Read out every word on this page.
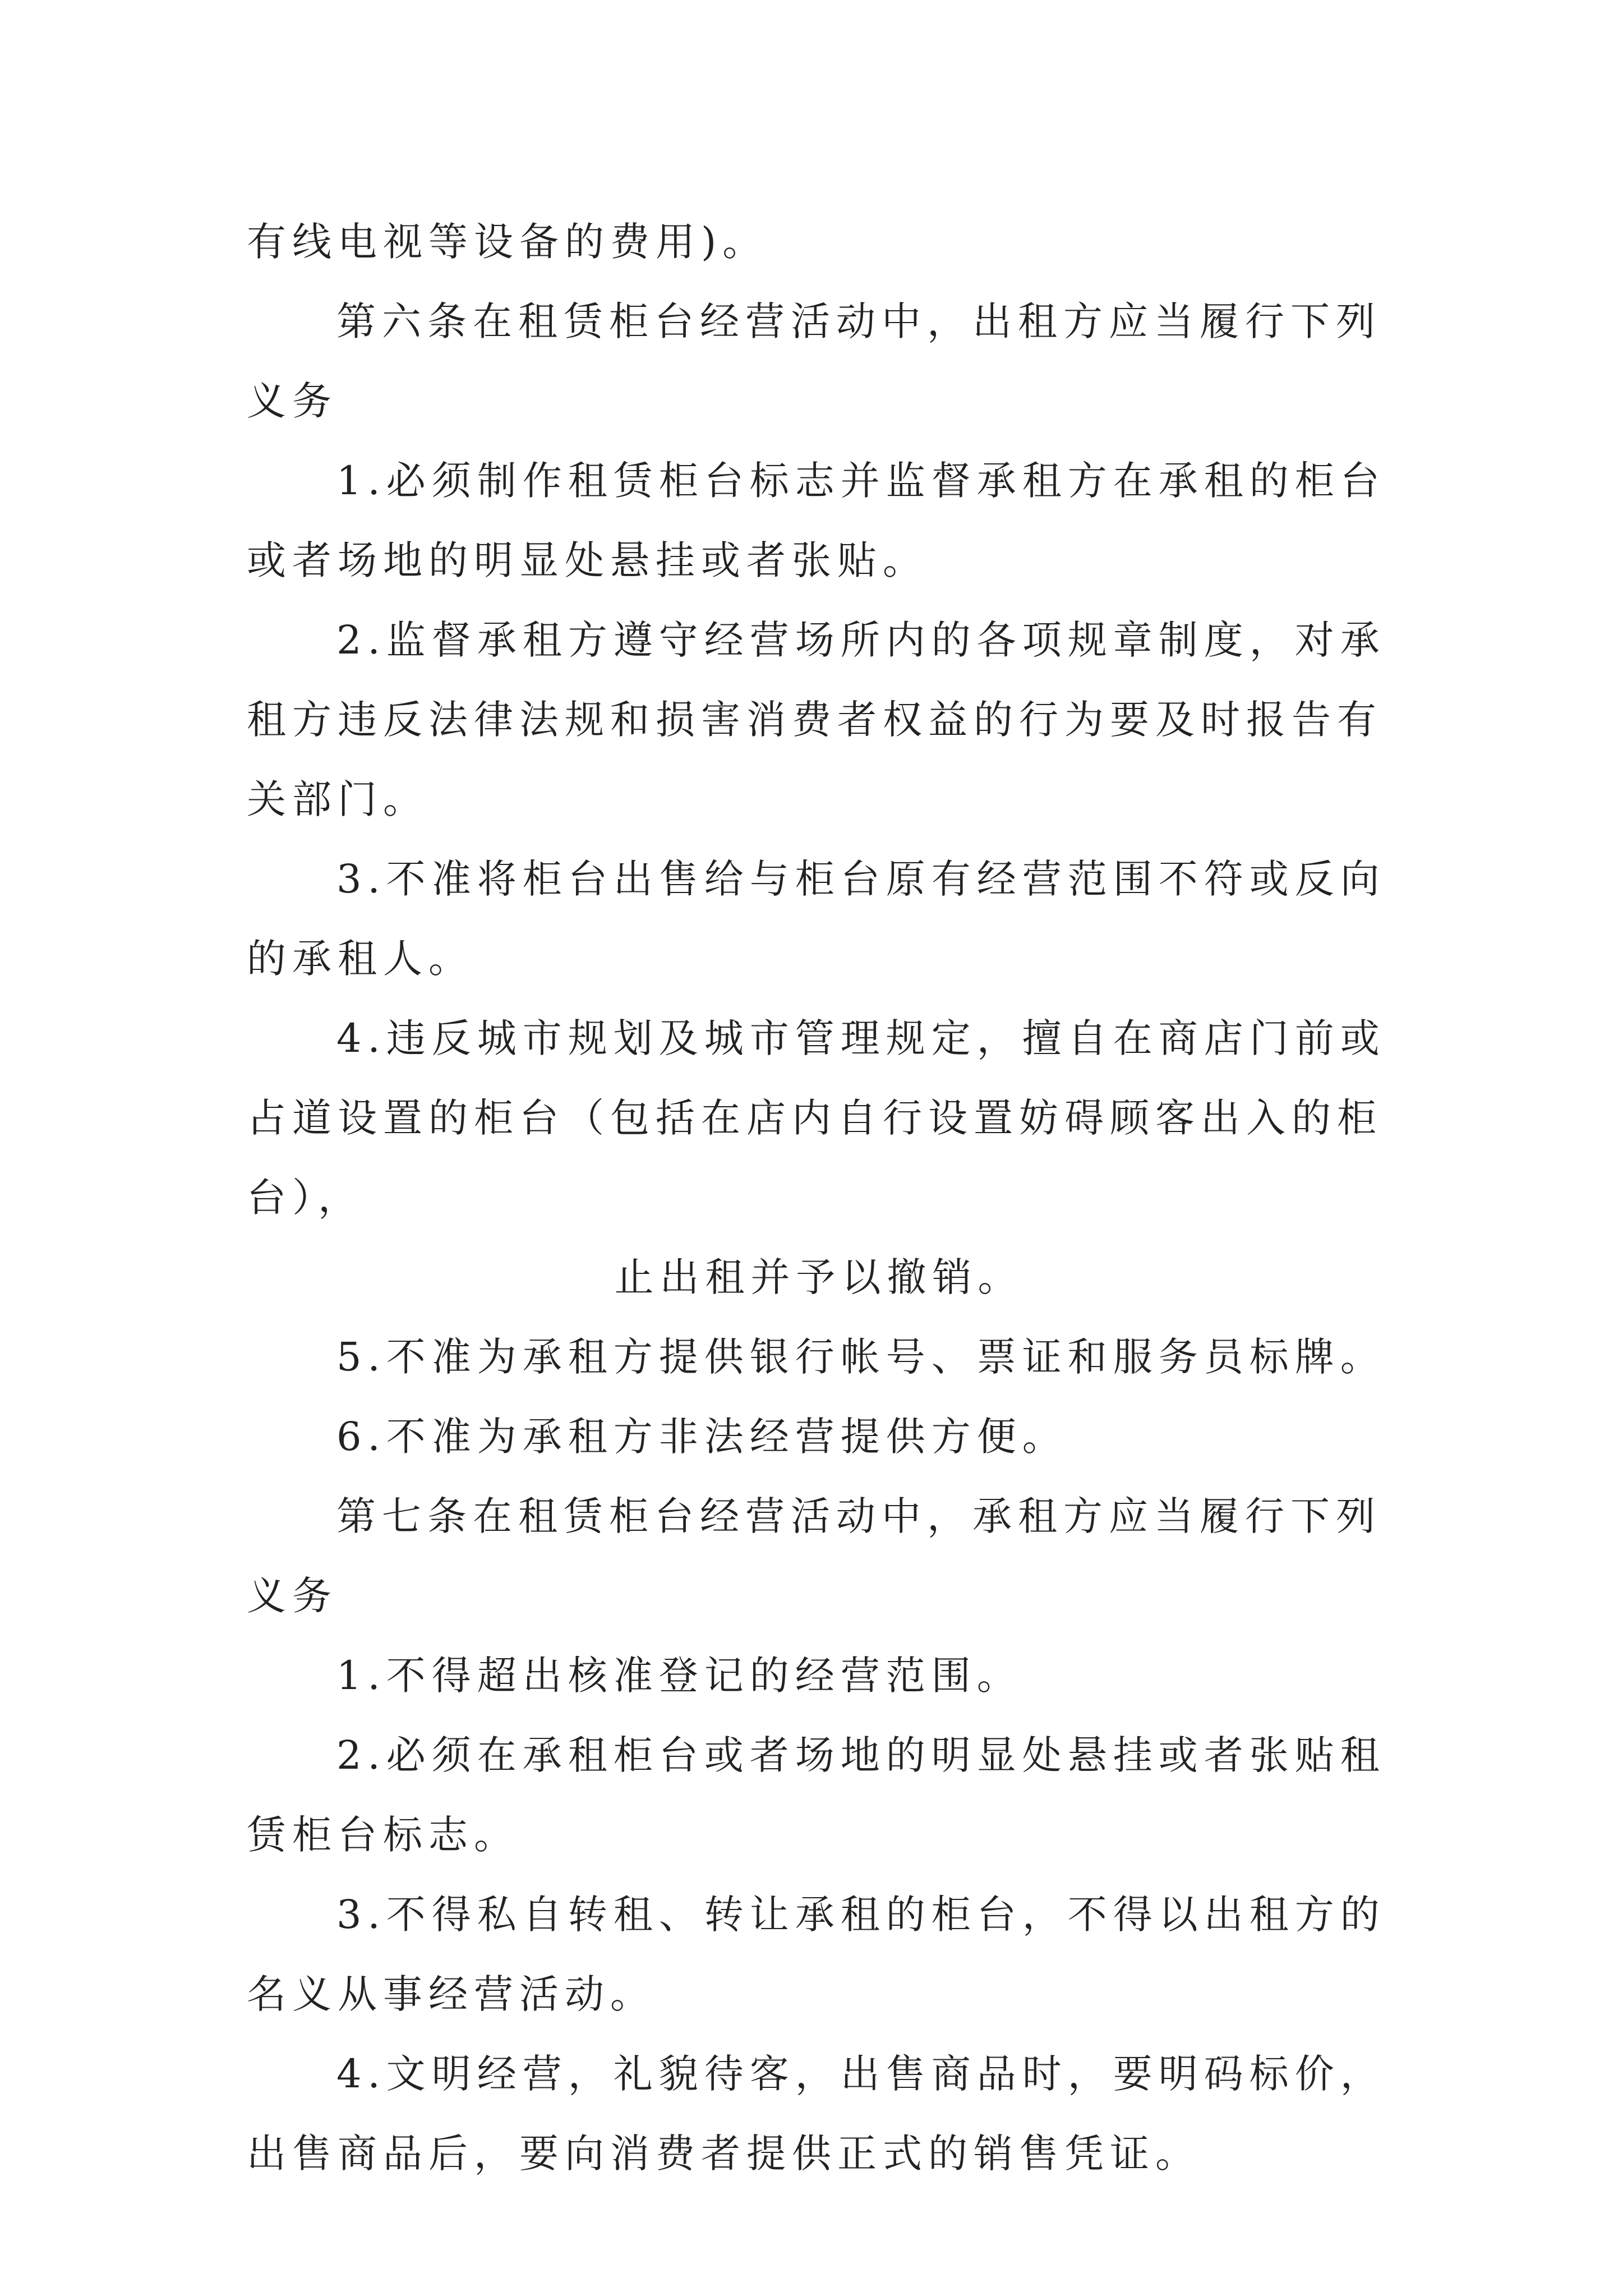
有线电视等设备的费用)。

第六条在租赁柜台经营活动中，出租方应当履行下列义务

1.必须制作租赁柜台标志并监督承租方在承租的柜台或者场地的明显处悬挂或者张贴。

2.监督承租方遵守经营场所内的各项规章制度，对承租方违反法律法规和损害消费者权益的行为要及时报告有关部门。

3.不准将柜台出售给与柜台原有经营范围不符或反向的承租人。

4.违反城市规划及城市管理规定，擅自在商店门前或占道设置的柜台（包括在店内自行设置妨碍顾客出入的柜台），

止出租并予以撤销。

5.不准为承租方提供银行帐号、票证和服务员标牌。

6.不准为承租方非法经营提供方便。

第七条在租赁柜台经营活动中，承租方应当履行下列义务

1.不得超出核准登记的经营范围。

2.必须在承租柜台或者场地的明显处悬挂或者张贴租赁柜台标志。

3.不得私自转租、转让承租的柜台，不得以出租方的名义从事经营活动。

4.文明经营，礼貌待客，出售商品时，要明码标价，出售商品后，要向消费者提供正式的销售凭证。
